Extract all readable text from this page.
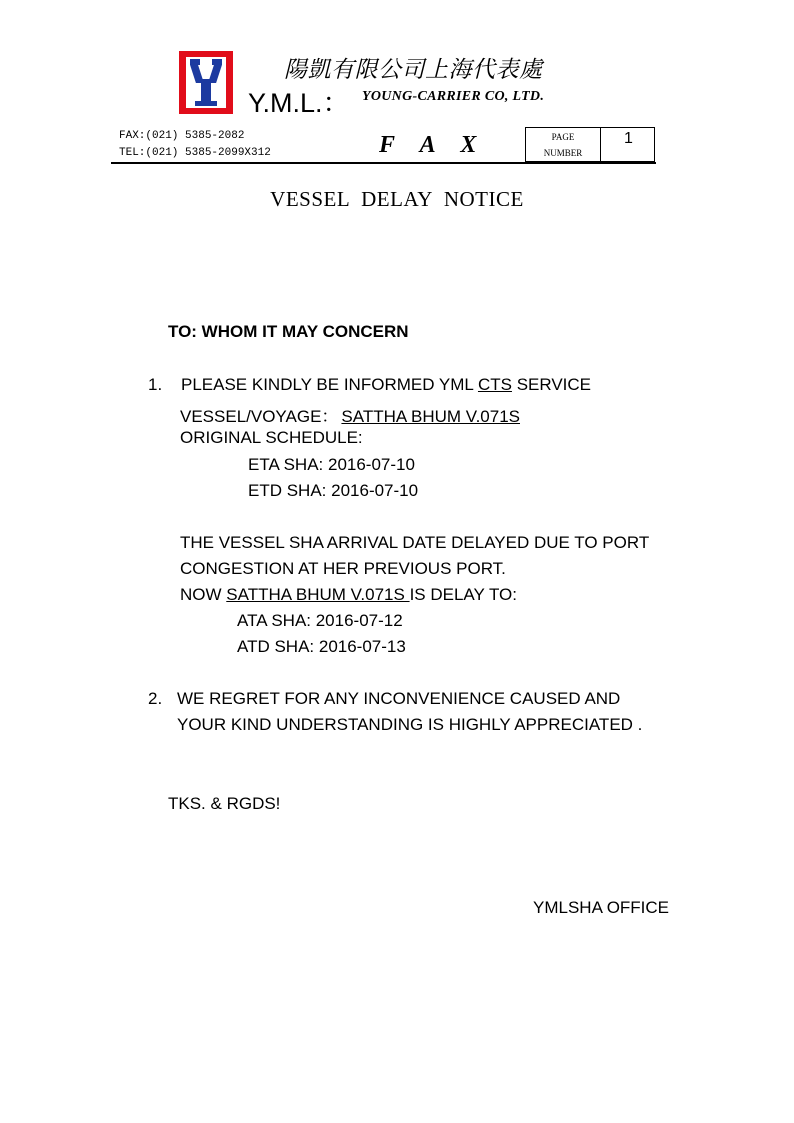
陽凱有限公司上海代表處
Y.M.L.： YOUNG-CARRIER CO, LTD.
FAX:(021) 5385-2082
TEL:(021) 5385-2099X312	F A X	PAGE
NUMBER
1
VESSEL DELAY NOTICE
TO: WHOM IT MAY CONCERN
1. PLEASE KINDLY BE INFORMED YML CTS SERVICE
VESSEL/VOYAGE： SATTHA BHUM V.071S
ORIGINAL SCHEDULE:
ETA SHA: 2016-07-10
ETD SHA: 2016-07-10
THE VESSEL SHA ARRIVAL DATE DELAYED DUE TO PORT
CONGESTION AT HER PREVIOUS PORT.
NOW SATTHA BHUM V.071S IS DELAY TO:
ATA SHA: 2016-07-12
ATD SHA: 2016-07-13
2. WE REGRET FOR ANY INCONVENIENCE CAUSED AND
YOUR KIND UNDERSTANDING IS HIGHLY APPRECIATED .
TKS. & RGDS!
YMLSHA OFFICE
